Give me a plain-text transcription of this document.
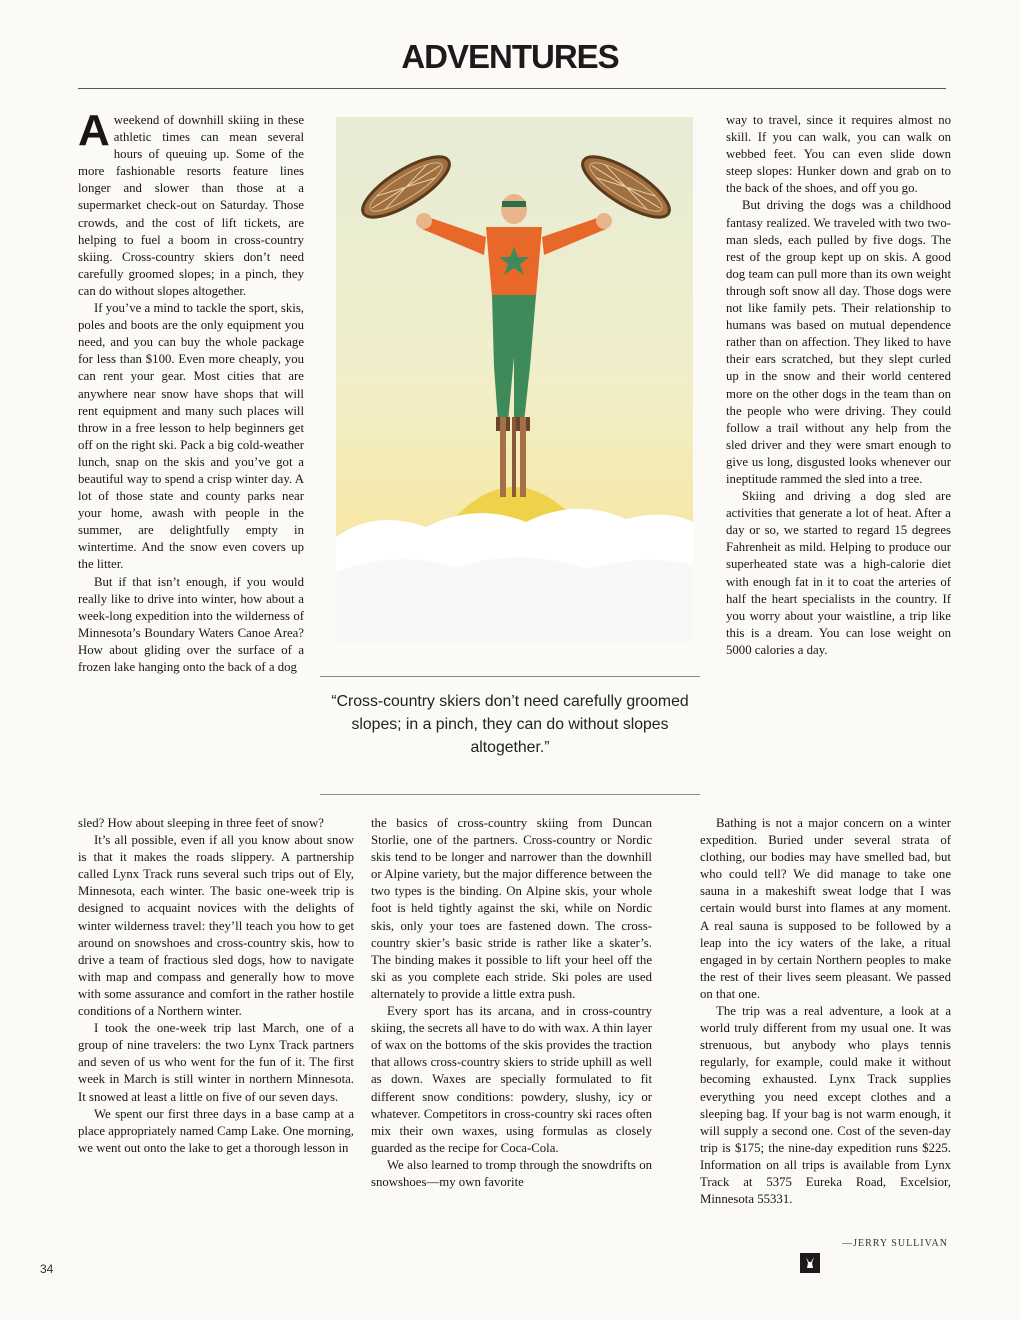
ADVENTURES

Aweekend of downhill skiing in these athletic times can mean several hours of queuing up. Some of the more fashionable resorts feature lines longer and slower than those at a supermarket check-out on Saturday. Those crowds, and the cost of lift tickets, are helping to fuel a boom in cross-country skiing. Cross-country skiers don’t need carefully groomed slopes; in a pinch, they can do without slopes altogether.

If you’ve a mind to tackle the sport, skis, poles and boots are the only equipment you need, and you can buy the whole package for less than $100. Even more cheaply, you can rent your gear. Most cities that are anywhere near snow have shops that will rent equipment and many such places will throw in a free lesson to help beginners get off on the right ski. Pack a big cold-weather lunch, snap on the skis and you’ve got a beautiful way to spend a crisp winter day. A lot of those state and county parks near your home, awash with people in the summer, are delightfully empty in wintertime. And the snow even covers up the litter.

But if that isn’t enough, if you would really like to drive into winter, how about a week-long expedition into the wilderness of Minnesota’s Boundary Waters Canoe Area? How about gliding over the surface of a frozen lake hanging onto the back of a dog

“Cross-country skiers don’t need carefully groomed slopes; in a pinch, they can do without slopes altogether.”

sled? How about sleeping in three feet of snow?

It’s all possible, even if all you know about snow is that it makes the roads slippery. A partnership called Lynx Track runs several such trips out of Ely, Minnesota, each winter. The basic one-week trip is designed to acquaint novices with the delights of winter wilderness travel: they’ll teach you how to get around on snowshoes and cross-country skis, how to drive a team of fractious sled dogs, how to navigate with map and compass and generally how to move with some assurance and comfort in the rather hostile conditions of a Northern winter.

I took the one-week trip last March, one of a group of nine travelers: the two Lynx Track partners and seven of us who went for the fun of it. The first week in March is still winter in northern Minnesota. It snowed at least a little on five of our seven days.

We spent our first three days in a base camp at a place appropriately named Camp Lake. One morning, we went out onto the lake to get a thorough lesson in

the basics of cross-country skiing from Duncan Storlie, one of the partners. Cross-country or Nordic skis tend to be longer and narrower than the downhill or Alpine variety, but the major difference between the two types is the binding. On Alpine skis, your whole foot is held tightly against the ski, while on Nordic skis, only your toes are fastened down. The cross-country skier’s basic stride is rather like a skater’s. The binding makes it possible to lift your heel off the ski as you complete each stride. Ski poles are used alternately to provide a little extra push.

Every sport has its arcana, and in cross-country skiing, the secrets all have to do with wax. A thin layer of wax on the bottoms of the skis provides the traction that allows cross-country skiers to stride uphill as well as down. Waxes are specially formulated to fit different snow conditions: powdery, slushy, icy or whatever. Competitors in cross-country ski races often mix their own waxes, using formulas as closely guarded as the recipe for Coca-Cola.

We also learned to tromp through the snowdrifts on snowshoes—my own favorite

way to travel, since it requires almost no skill. If you can walk, you can walk on webbed feet. You can even slide down steep slopes: Hunker down and grab on to the back of the shoes, and off you go.

But driving the dogs was a childhood fantasy realized. We traveled with two two-man sleds, each pulled by five dogs. The rest of the group kept up on skis. A good dog team can pull more than its own weight through soft snow all day. Those dogs were not like family pets. Their relationship to humans was based on mutual dependence rather than on affection. They liked to have their ears scratched, but they slept curled up in the snow and their world centered more on the other dogs in the team than on the people who were driving. They could follow a trail without any help from the sled driver and they were smart enough to give us long, disgusted looks whenever our ineptitude rammed the sled into a tree.

Skiing and driving a dog sled are activities that generate a lot of heat. After a day or so, we started to regard 15 degrees Fahrenheit as mild. Helping to produce our superheated state was a high-calorie diet with enough fat in it to coat the arteries of half the heart specialists in the country. If you worry about your waistline, a trip like this is a dream. You can lose weight on 5000 calories a day.

Bathing is not a major concern on a winter expedition. Buried under several strata of clothing, our bodies may have smelled bad, but who could tell? We did manage to take one sauna in a makeshift sweat lodge that I was certain would burst into flames at any moment. A real sauna is supposed to be followed by a leap into the icy waters of the lake, a ritual engaged in by certain Northern peoples to make the rest of their lives seem pleasant. We passed on that one.

The trip was a real adventure, a look at a world truly different from my usual one. It was strenuous, but anybody who plays tennis regularly, for example, could make it without becoming exhausted. Lynx Track supplies everything you need except clothes and a sleeping bag. If your bag is not warm enough, it will supply a second one. Cost of the seven-day trip is $175; the nine-day expedition runs $225. Information on all trips is available from Lynx Track at 5375 Eureka Road, Excelsior, Minnesota 55331.

—JERRY SULLIVAN
34
